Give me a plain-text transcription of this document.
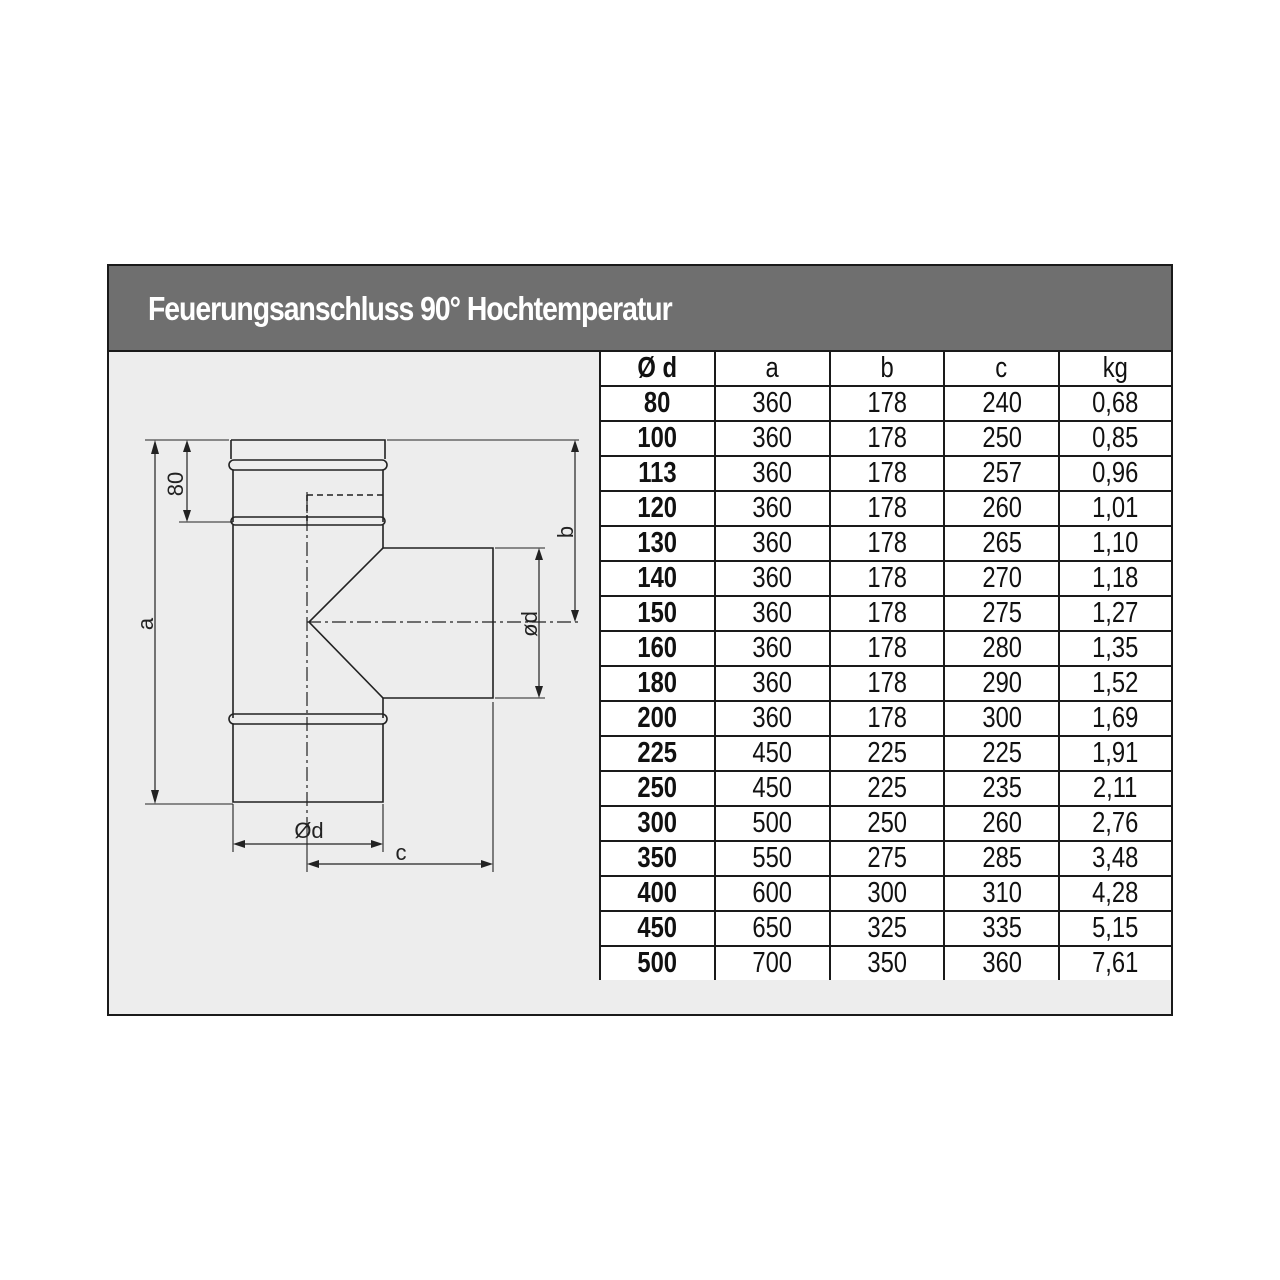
Feuerungsanschluss 90° Hochtemperatur
80
a
b
ød
Ød
c
Ø d	a	b	c	kg
80	360	178	240	0,68
100	360	178	250	0,85
113	360	178	257	0,96
120	360	178	260	1,01
130	360	178	265	1,10
140	360	178	270	1,18
150	360	178	275	1,27
160	360	178	280	1,35
180	360	178	290	1,52
200	360	178	300	1,69
225	450	225	225	1,91
250	450	225	235	2,11
300	500	250	260	2,76
350	550	275	285	3,48
400	600	300	310	4,28
450	650	325	335	5,15
500	700	350	360	7,61
